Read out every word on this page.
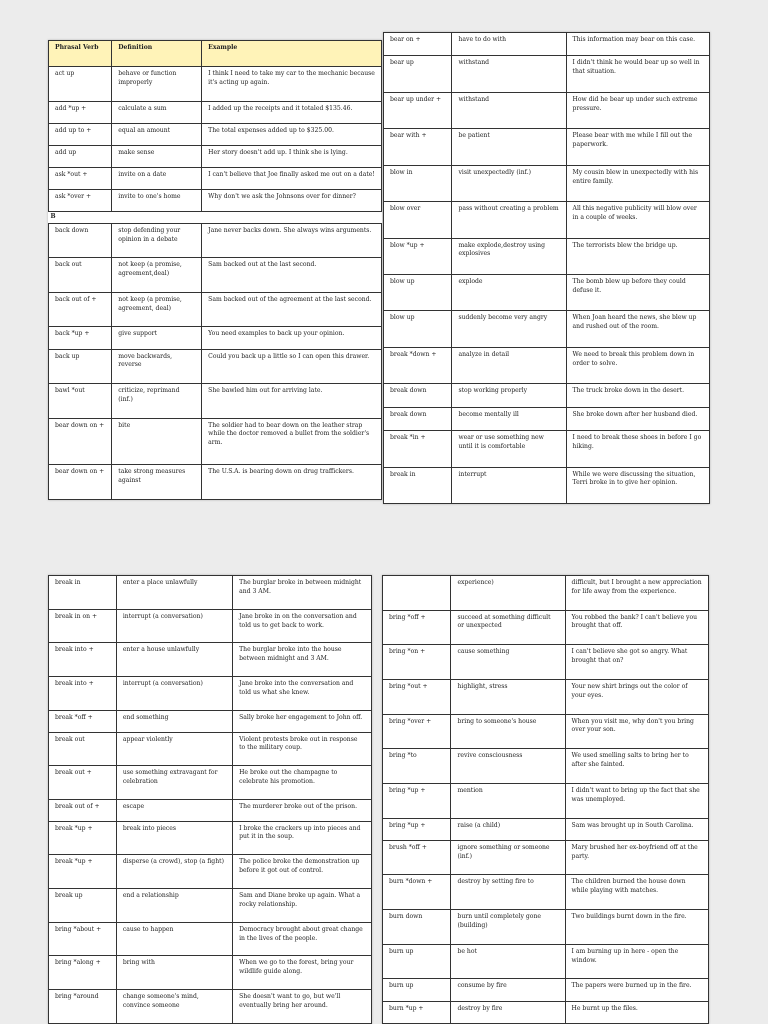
Phrasal Verb	Definition	Example
act up	behave or function improperly	I think I need to take my car to the mechanic because it's acting up again.
add *up +	calculate a sum	I added up the receipts and it totaled $135.46.
add up to +	equal an amount	The total expenses added up to $325.00.
add up	make sense	Her story doesn't add up. I think she is lying.
ask *out +	invite on a date	I can't believe that Joe finally asked me out on a date!
ask *over +	invite to one's home	Why don't we ask the Johnsons over for dinner?
B		
back down	stop defending your opinion in a debate	Jane never backs down. She always wins arguments.
back out	not keep (a promise, agreement,deal)	Sam backed out at the last second.
back out of +	not keep (a promise, agreement, deal)	Sam backed out of the agreement at the last second.
back *up +	give support	You need examples to back up your opinion.
back up	move backwards, reverse	Could you back up a little so I can open this drawer.
bawl *out	criticize, reprimand (inf.)	She bawled him out for arriving late.
bear down on +	bite	The soldier had to bear down on the leather strap while the doctor removed a bullet from the soldier's arm.
bear down on +	take strong measures against	The U.S.A. is bearing down on drug traffickers.
bear on +	have to do with	This information may bear on this case.
bear up	withstand	I didn't think he would bear up so well in that situation.
bear up under +	withstand	How did he bear up under such extreme pressure.
bear with +	be patient	Please bear with me while I fill out the paperwork.
blow in	visit unexpectedly (inf.)	My cousin blew in unexpectedly with his entire family.
blow over	pass without creating a problem	All this negative publicity will blow over in a couple of weeks.
blow *up +	make explode,destroy using explosives	The terrorists blew the bridge up.
blow up	explode	The bomb blew up before they could defuse it.
blow up	suddenly become very angry	When Joan heard the news, she blew up and rushed out of the room.
break *down +	analyze in detail	We need to break this problem down in order to solve.
break down	stop working properly	The truck broke down in the desert.
break down	become mentally ill	She broke down after her husband died.
break *in +	wear or use something new until it is comfortable	I need to break these shoes in before I go hiking.
break in	interrupt	While we were discussing the situation, Terri broke in to give her opinion.
break in	enter a place unlawfully	The burglar broke in between midnight and 3 AM.
break in on +	interrupt (a conversation)	Jane broke in on the conversation and told us to get back to work.
break into +	enter a house unlawfully	The burglar broke into the house between midnight and 3 AM.
break into +	interrupt (a conversation)	Jane broke into the conversation and told us what she knew.
break *off +	end something	Sally broke her engagement to John off.
break out	appear violently	Violent protests broke out in response to the military coup.
break out +	use something extravagant for celebration	He broke out the champagne to celebrate his promotion.
break out of +	escape	The murderer broke out of the prison.
break *up +	break into pieces	I broke the crackers up into pieces and put it in the soup.
break *up +	disperse (a crowd), stop (a fight)	The police broke the demonstration up before it got out of control.
break up	end a relationship	Sam and Diane broke up again. What a rocky relationship.
bring *about +	cause to happen	Democracy brought about great change in the lives of the people.
bring *along +	bring with	When we go to the forest, bring your wildlife guide along.
bring *around	change someone's mind, convince someone	She doesn't want to go, but we'll eventually bring her around.
	experience)	difficult, but I brought a new appreciation for life away from the experience.
bring *off +	succeed at something difficult or unexpected	You robbed the bank? I can't believe you brought that off.
bring *on +	cause something	I can't believe she got so angry. What brought that on?
bring *out +	highlight, stress	Your new shirt brings out the color of your eyes.
bring *over +	bring to someone's house	When you visit me, why don't you bring over your son.
bring *to	revive consciousness	We used smelling salts to bring her to after she fainted.
bring *up +	mention	I didn't want to bring up the fact that she was unemployed.
bring *up +	raise (a child)	Sam was brought up in South Carolina.
brush *off +	ignore something or someone (inf.)	Mary brushed her ex-boyfriend off at the party.
burn *down +	destroy by setting fire to	The children burned the house down while playing with matches.
burn down	burn until completely gone (building)	Two buildings burnt down in the fire.
burn up	be hot	I am burning up in here - open the window.
burn up	consume by fire	The papers were burned up in the fire.
burn *up +	destroy by fire	He burnt up the files.
